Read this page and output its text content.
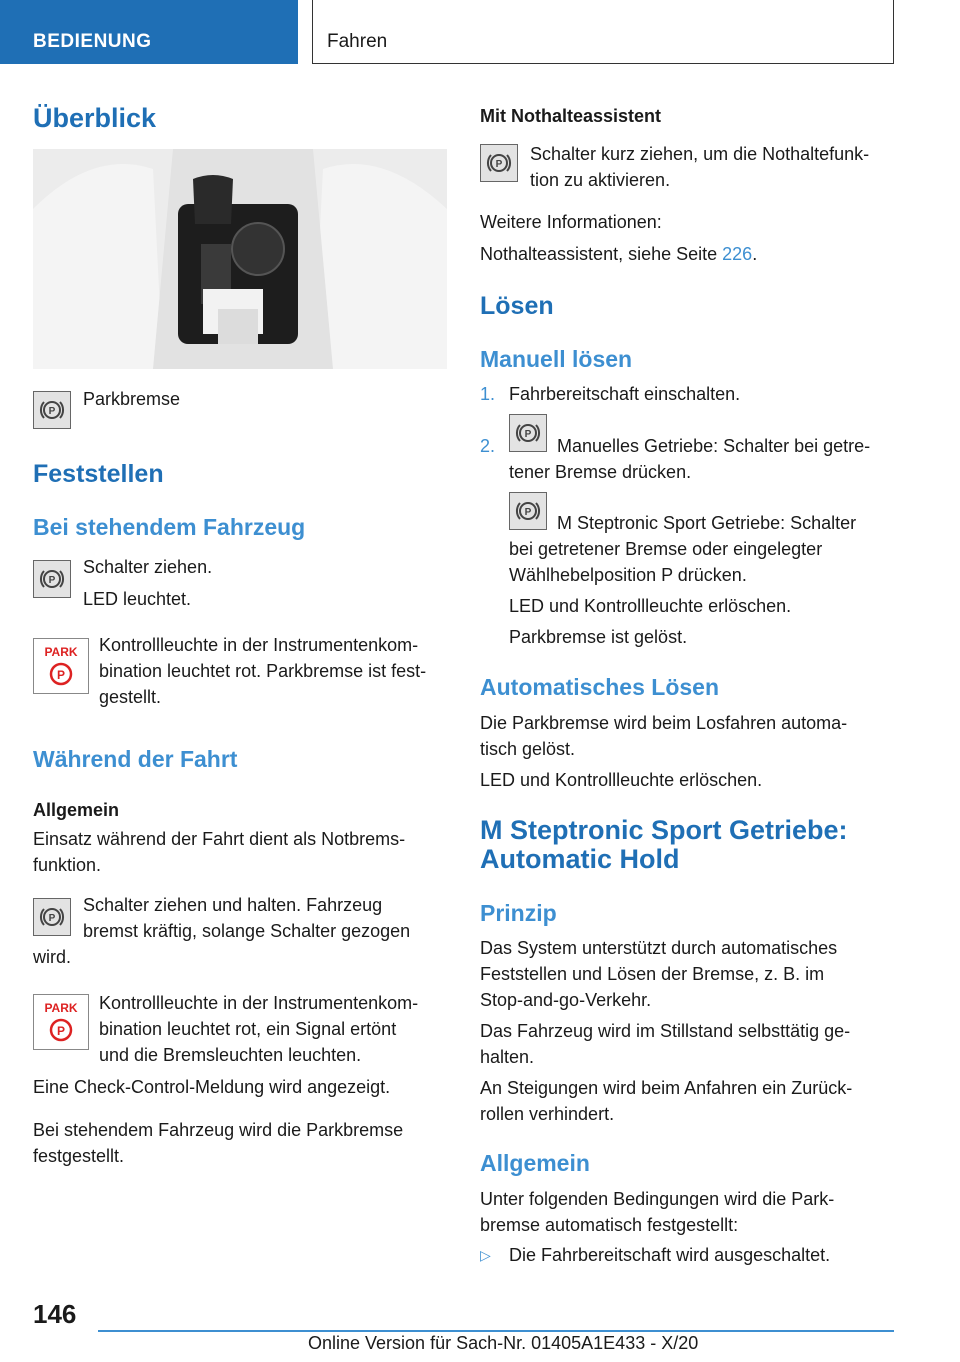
BEDIENUNG	Fahren
Überblick
P
Parkbremse
Feststellen
Bei stehendem Fahrzeug
P
Schalter ziehen.
LED leuchtet.
PARK
P
Kontrollleuchte in der Instrumentenkom-
bination leuchtet rot. Parkbremse ist fest-
gestellt.
Während der Fahrt
Allgemein
Einsatz während der Fahrt dient als Notbrems-
funktion.
P
Schalter ziehen und halten. Fahrzeug
bremst kräftig, solange Schalter gezogen
wird.
PARK
P
Kontrollleuchte in der Instrumentenkom-
bination leuchtet rot, ein Signal ertönt
und die Bremsleuchten leuchten.
Eine Check-Control-Meldung wird angezeigt.
Bei stehendem Fahrzeug wird die Parkbremse
festgestellt.
Mit Nothalteassistent
P
Schalter kurz ziehen, um die Nothaltefunk-
tion zu aktivieren.
Weitere Informationen:
Nothalteassistent, siehe Seite 226.
Lösen
Manuell lösen
1. Fahrbereitschaft einschalten.
2.
P
Manuelles Getriebe: Schalter bei getre-
tener Bremse drücken.
P
M Steptronic Sport Getriebe: Schalter
bei getretener Bremse oder eingelegter
Wählhebelposition P drücken.
LED und Kontrollleuchte erlöschen.
Parkbremse ist gelöst.
Automatisches Lösen
Die Parkbremse wird beim Losfahren automa-
tisch gelöst.
LED und Kontrollleuchte erlöschen.
M Steptronic Sport Getriebe:
Automatic Hold
Prinzip
Das System unterstützt durch automatisches
Feststellen und Lösen der Bremse, z. B. im
Stop-and-go-Verkehr.
Das Fahrzeug wird im Stillstand selbsttätig ge-
halten.
An Steigungen wird beim Anfahren ein Zurück-
rollen verhindert.
Allgemein
Unter folgenden Bedingungen wird die Park-
bremse automatisch festgestellt:
▷ Die Fahrbereitschaft wird ausgeschaltet.
146
Online Version für Sach-Nr. 01405A1E433 - X/20
